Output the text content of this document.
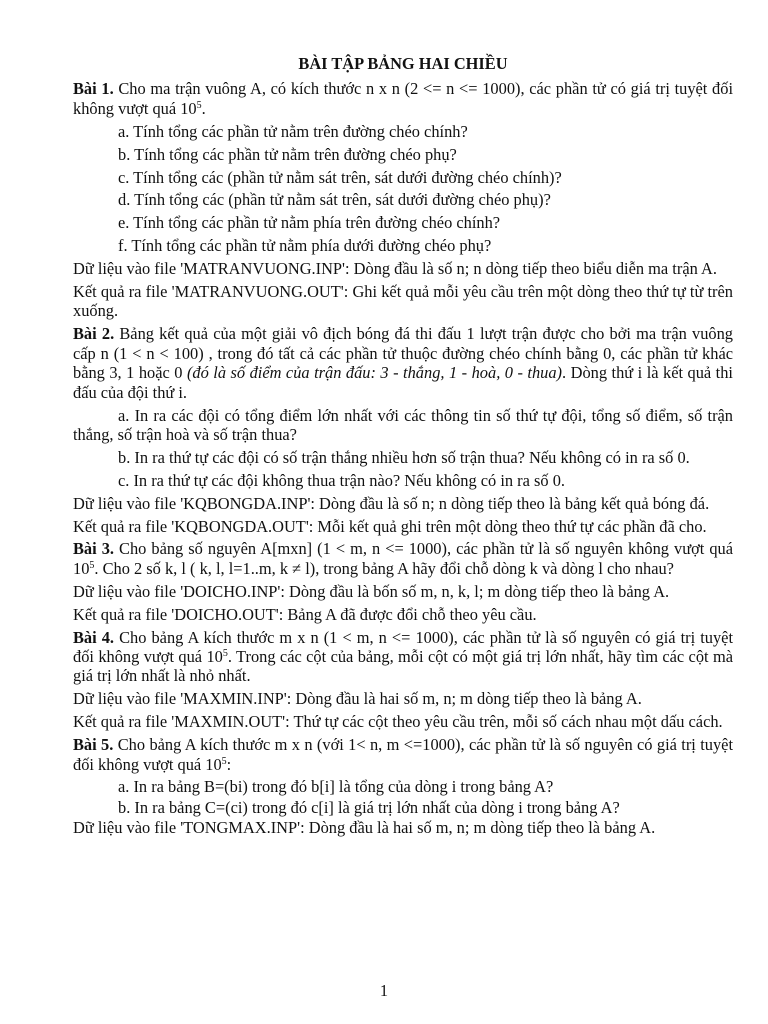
BÀI TẬP BẢNG HAI CHIỀU

Bài 1. Cho ma trận vuông A, có kích thước n x n (2 <= n <= 1000), các phần tử có giá trị tuyệt đối không vượt quá $10^5$.

a. Tính tổng các phần tử nằm trên đường chéo chính?

b. Tính tổng các phần tử nằm trên đường chéo phụ?

c. Tính tổng các (phần tử nằm sát trên, sát dưới đường chéo chính)?

d. Tính tổng các (phần tử nằm sát trên, sát dưới đường chéo phụ)?

e. Tính tổng các phần tử nằm phía trên đường chéo chính?

f. Tính tổng các phần tử nằm phía dưới đường chéo phụ?

Dữ liệu vào file 'MATRANVUONG.INP': Dòng đầu là số n; n dòng tiếp theo biểu diễn ma trận A.

Kết quả ra file 'MATRANVUONG.OUT': Ghi kết quả mỗi yêu cầu trên một dòng theo thứ tự từ trên xuống.

Bài 2. Bảng kết quả của một giải vô địch bóng đá thi đấu 1 lượt trận được cho bởi ma trận vuông cấp n (1 < n < 100) , trong đó tất cả các phần tử thuộc đường chéo chính bằng 0, các phần tử khác bằng 3, 1 hoặc 0 (đó là số điểm của trận đấu: 3 - thắng, 1 - hoà, 0 - thua). Dòng thứ i là kết quả thi đấu của đội thứ i.

a. In ra các đội có tổng điểm lớn nhất với các thông tin số thứ tự đội, tổng số điểm, số trận thắng, số trận hoà và số trận thua?

b. In ra thứ tự các đội có số trận thắng nhiều hơn số trận thua? Nếu không có in ra số 0.

c. In ra thứ tự các đội không thua trận nào? Nếu không có in ra số 0.

Dữ liệu vào file 'KQBONGDA.INP': Dòng đầu là số n; n dòng tiếp theo là bảng kết quả bóng đá.

Kết quả ra file 'KQBONGDA.OUT': Mỗi kết quả ghi trên một dòng theo thứ tự các phần đã cho.

Bài 3. Cho bảng số nguyên A[mxn] (1 < m, n <= 1000), các phần tử là số nguyên không vượt quá $10^5$. Cho 2 số k, l ( k, l, l=1..m, k ≠ l), trong bảng A hãy đổi chỗ dòng k và dòng l cho nhau?

Dữ liệu vào file 'DOICHO.INP': Dòng đầu là bốn số m, n, k, l; m dòng tiếp theo là bảng A.

Kết quả ra file 'DOICHO.OUT': Bảng A đã được đổi chỗ theo yêu cầu.

Bài 4. Cho bảng A kích thước m x n (1 < m, n <= 1000), các phần tử là số nguyên có giá trị tuyệt đối không vượt quá $10^5$. Trong các cột của bảng, mỗi cột có một giá trị lớn nhất, hãy tìm các cột mà giá trị lớn nhất là nhỏ nhất.

Dữ liệu vào file 'MAXMIN.INP': Dòng đầu là hai số m, n; m dòng tiếp theo là bảng A.

Kết quả ra file 'MAXMIN.OUT': Thứ tự các cột theo yêu cầu trên, mỗi số cách nhau một dấu cách.

Bài 5. Cho bảng A kích thước m x n (với 1< n, m <=1000), các phần tử là số nguyên có giá trị tuyệt đối không vượt quá $10^5$:

a. In ra bảng B=(bi) trong đó b[i] là tổng của dòng i trong bảng A?

b. In ra bảng C=(ci) trong đó c[i] là giá trị lớn nhất của dòng i trong bảng A?

Dữ liệu vào file 'TONGMAX.INP': Dòng đầu là hai số m, n; m dòng tiếp theo là bảng A.

1
